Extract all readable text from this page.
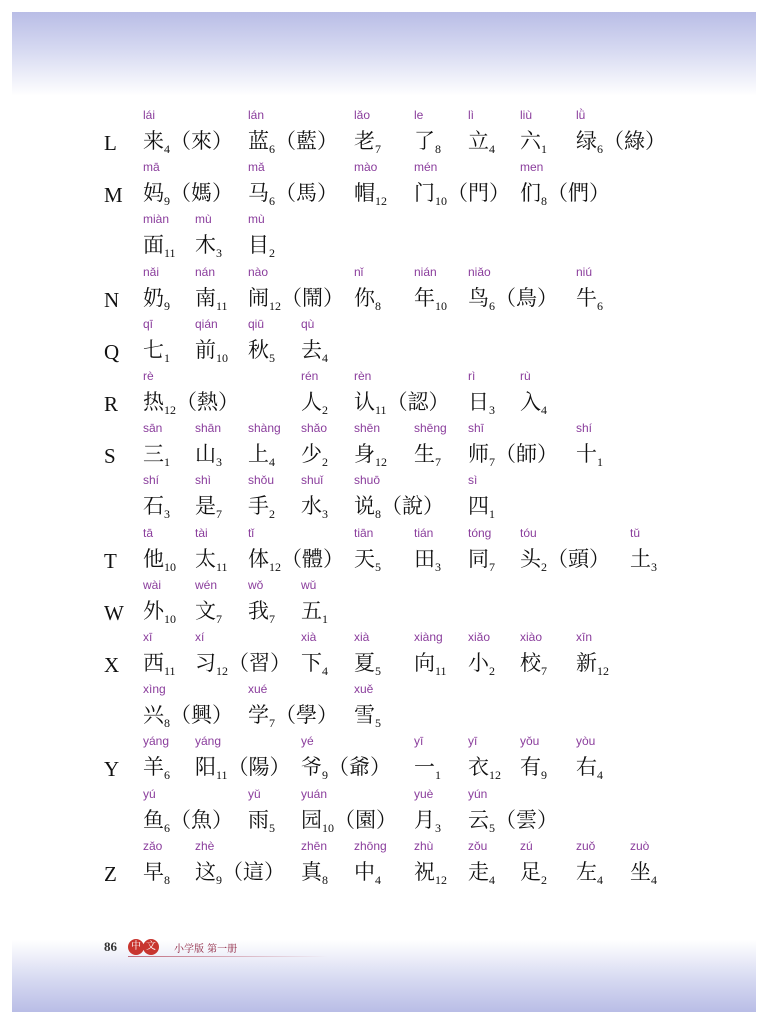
L
lái
来$_4$（來）
lán
蓝$_6$（藍）
lǎo
老$_7$
le
了$_8$
lì
立$_4$
liù
六$_1$
lǜ
绿$_6$（綠）
M
mā
妈$_9$（媽）
mǎ
马$_6$（馬）
mào
帽$_{12}$
mén
门$_{10}$（門）
men
们$_8$（們）
miàn
面$_{11}$
mù
木$_3$
mù
目$_2$
N
nǎi
奶$_9$
nán
南$_{11}$
nào
闹$_{12}$（鬧）
nǐ
你$_8$
nián
年$_{10}$
niǎo
鸟$_6$（鳥）
niú
牛$_6$
Q
qī
七$_1$
qián
前$_{10}$
qiū
秋$_5$
qù
去$_4$
R
rè
热$_{12}$（熱）
rén
人$_2$
rèn
认$_{11}$（認）
rì
日$_3$
rù
入$_4$
S
sān
三$_1$
shān
山$_3$
shàng
上$_4$
shǎo
少$_2$
shēn
身$_{12}$
shēng
生$_7$
shī
师$_7$（師）
shí
十$_1$
shí
石$_3$
shì
是$_7$
shǒu
手$_2$
shuǐ
水$_3$
shuō
说$_8$（說）
sì
四$_1$
T
tā
他$_{10}$
tài
太$_{11}$
tǐ
体$_{12}$（體）
tiān
天$_5$
tián
田$_3$
tóng
同$_7$
tóu
头$_2$（頭）
tǔ
土$_3$
W
wài
外$_{10}$
wén
文$_7$
wǒ
我$_7$
wǔ
五$_1$
X
xī
西$_{11}$
xí
习$_{12}$（習）
xià
下$_4$
xià
夏$_5$
xiàng
向$_{11}$
xiǎo
小$_2$
xiào
校$_7$
xīn
新$_{12}$
xìng
兴$_8$（興）
xué
学$_7$（學）
xuě
雪$_5$
Y
yáng
羊$_6$
yáng
阳$_{11}$（陽）
yé
爷$_9$（爺）
yī
一$_1$
yī
衣$_{12}$
yǒu
有$_9$
yòu
右$_4$
yú
鱼$_6$（魚）
yǔ
雨$_5$
yuán
园$_{10}$（園）
yuè
月$_3$
yún
云$_5$（雲）
Z
zǎo
早$_8$
zhè
这$_9$（這）
zhēn
真$_8$
zhōng
中$_4$
zhù
祝$_{12}$
zǒu
走$_4$
zú
足$_2$
zuǒ
左$_4$
zuò
坐$_4$
86	中 文	小学版 第一册
